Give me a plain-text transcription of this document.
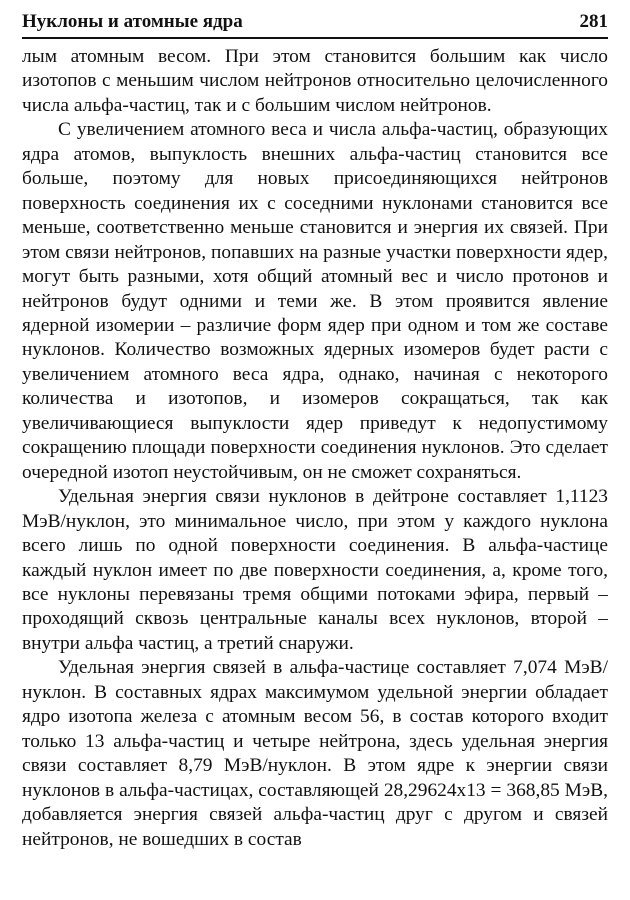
Нуклоны и атомные ядра	281

лым атомным весом. При этом становится большим как число изотопов с меньшим числом нейтронов относительно целочисленного числа альфа-частиц, так и с большим числом нейтронов.

С увеличением атомного веса и числа альфа-частиц, образующих ядра атомов, выпуклость внешних альфа-частиц становится все больше, поэтому для новых присоединяющихся нейтронов поверхность соединения их с соседними нуклонами становится все меньше, соответственно меньше становится и энергия их связей. При этом связи нейтронов, попавших на разные участки поверхности ядер, могут быть разными, хотя общий атомный вес и число протонов и нейтронов будут одними и теми же. В этом проявится явление ядерной изомерии – различие форм ядер при одном и том же составе нуклонов. Количество возможных ядерных изомеров будет расти с увеличением атомного веса ядра, однако, начиная с некоторого количества и изотопов, и изомеров сокращаться, так как увеличивающиеся выпуклости ядер приведут к недопустимому сокращению площади поверхности соединения нуклонов. Это сделает очередной изотоп неустойчивым, он не сможет сохраняться.

Удельная энергия связи нуклонов в дейтроне составляет 1,1123 МэВ/нуклон, это минимальное число, при этом у каждого нуклона всего лишь по одной поверхности соединения. В альфа-частице каждый нуклон имеет по две поверхности соединения, а, кроме того, все нуклоны перевязаны тремя общими потоками эфира, первый – проходящий сквозь центральные каналы всех нуклонов, второй – внутри альфа частиц, а третий снаружи.

Удельная энергия связей в альфа-частице составляет 7,074 МэВ/нуклон. В составных ядрах максимумом удельной энергии обладает ядро изотопа железа с атомным весом 56, в состав которого входит только 13 альфа-частиц и четыре нейтрона, здесь удельная энергия связи составляет 8,79 МэВ/нуклон. В этом ядре к энергии связи нуклонов в альфа-частицах, составляющей 28,29624х13 = 368,85 МэВ, добавляется энергия связей альфа-частиц друг с другом и связей нейтронов, не вошедших в состав
